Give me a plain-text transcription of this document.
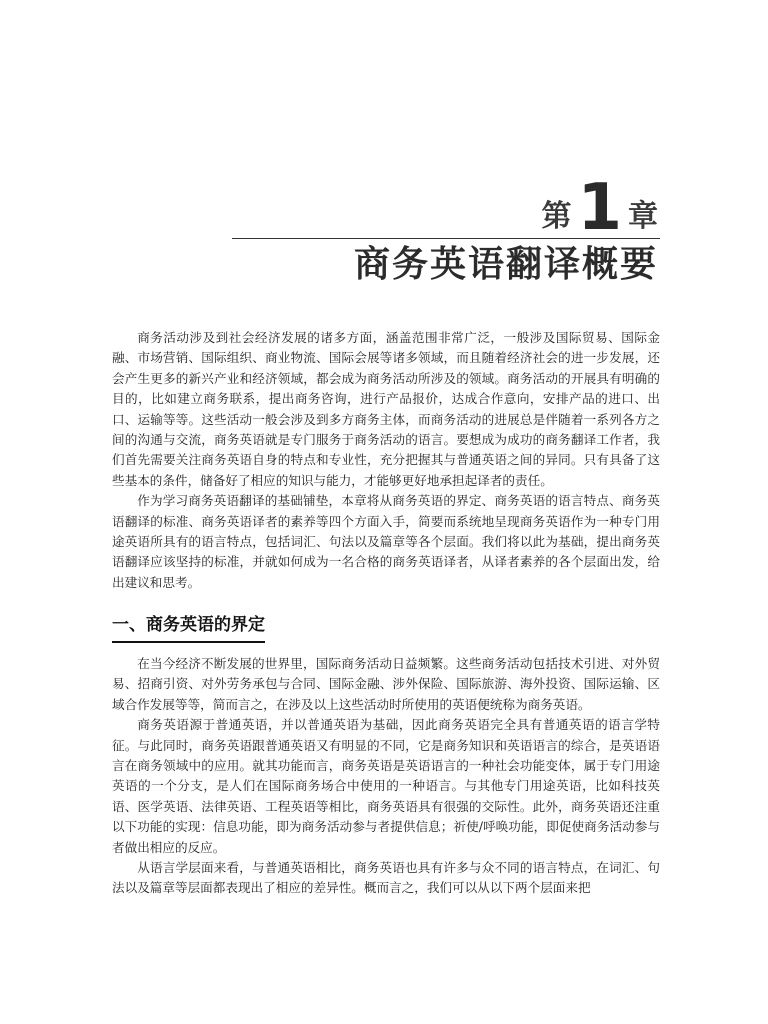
第 1 章
商务英语翻译概要

商务活动涉及到社会经济发展的诸多方面，涵盖范围非常广泛，一般涉及国际贸易、国际金融、市场营销、国际组织、商业物流、国际会展等诸多领域，而且随着经济社会的进一步发展，还会产生更多的新兴产业和经济领域，都会成为商务活动所涉及的领域。商务活动的开展具有明确的目的，比如建立商务联系，提出商务咨询，进行产品报价，达成合作意向，安排产品的进口、出口、运输等等。这些活动一般会涉及到多方商务主体，而商务活动的进展总是伴随着一系列各方之间的沟通与交流，商务英语就是专门服务于商务活动的语言。要想成为成功的商务翻译工作者，我们首先需要关注商务英语自身的特点和专业性，充分把握其与普通英语之间的异同。只有具备了这些基本的条件，储备好了相应的知识与能力，才能够更好地承担起译者的责任。

作为学习商务英语翻译的基础铺垫，本章将从商务英语的界定、商务英语的语言特点、商务英语翻译的标准、商务英语译者的素养等四个方面入手，简要而系统地呈现商务英语作为一种专门用途英语所具有的语言特点，包括词汇、句法以及篇章等各个层面。我们将以此为基础，提出商务英语翻译应该坚持的标准，并就如何成为一名合格的商务英语译者，从译者素养的各个层面出发，给出建议和思考。

一、商务英语的界定

在当今经济不断发展的世界里，国际商务活动日益频繁。这些商务活动包括技术引进、对外贸易、招商引资、对外劳务承包与合同、国际金融、涉外保险、国际旅游、海外投资、国际运输、区域合作发展等等，简而言之，在涉及以上这些活动时所使用的英语便统称为商务英语。

商务英语源于普通英语，并以普通英语为基础，因此商务英语完全具有普通英语的语言学特征。与此同时，商务英语跟普通英语又有明显的不同，它是商务知识和英语语言的综合，是英语语言在商务领域中的应用。就其功能而言，商务英语是英语语言的一种社会功能变体，属于专门用途英语的一个分支，是人们在国际商务场合中使用的一种语言。与其他专门用途英语，比如科技英语、医学英语、法律英语、工程英语等相比，商务英语具有很强的交际性。此外，商务英语还注重以下功能的实现：信息功能，即为商务活动参与者提供信息；祈使/呼唤功能，即促使商务活动参与者做出相应的反应。

从语言学层面来看，与普通英语相比，商务英语也具有许多与众不同的语言特点，在词汇、句法以及篇章等层面都表现出了相应的差异性。概而言之，我们可以从以下两个层面来把
